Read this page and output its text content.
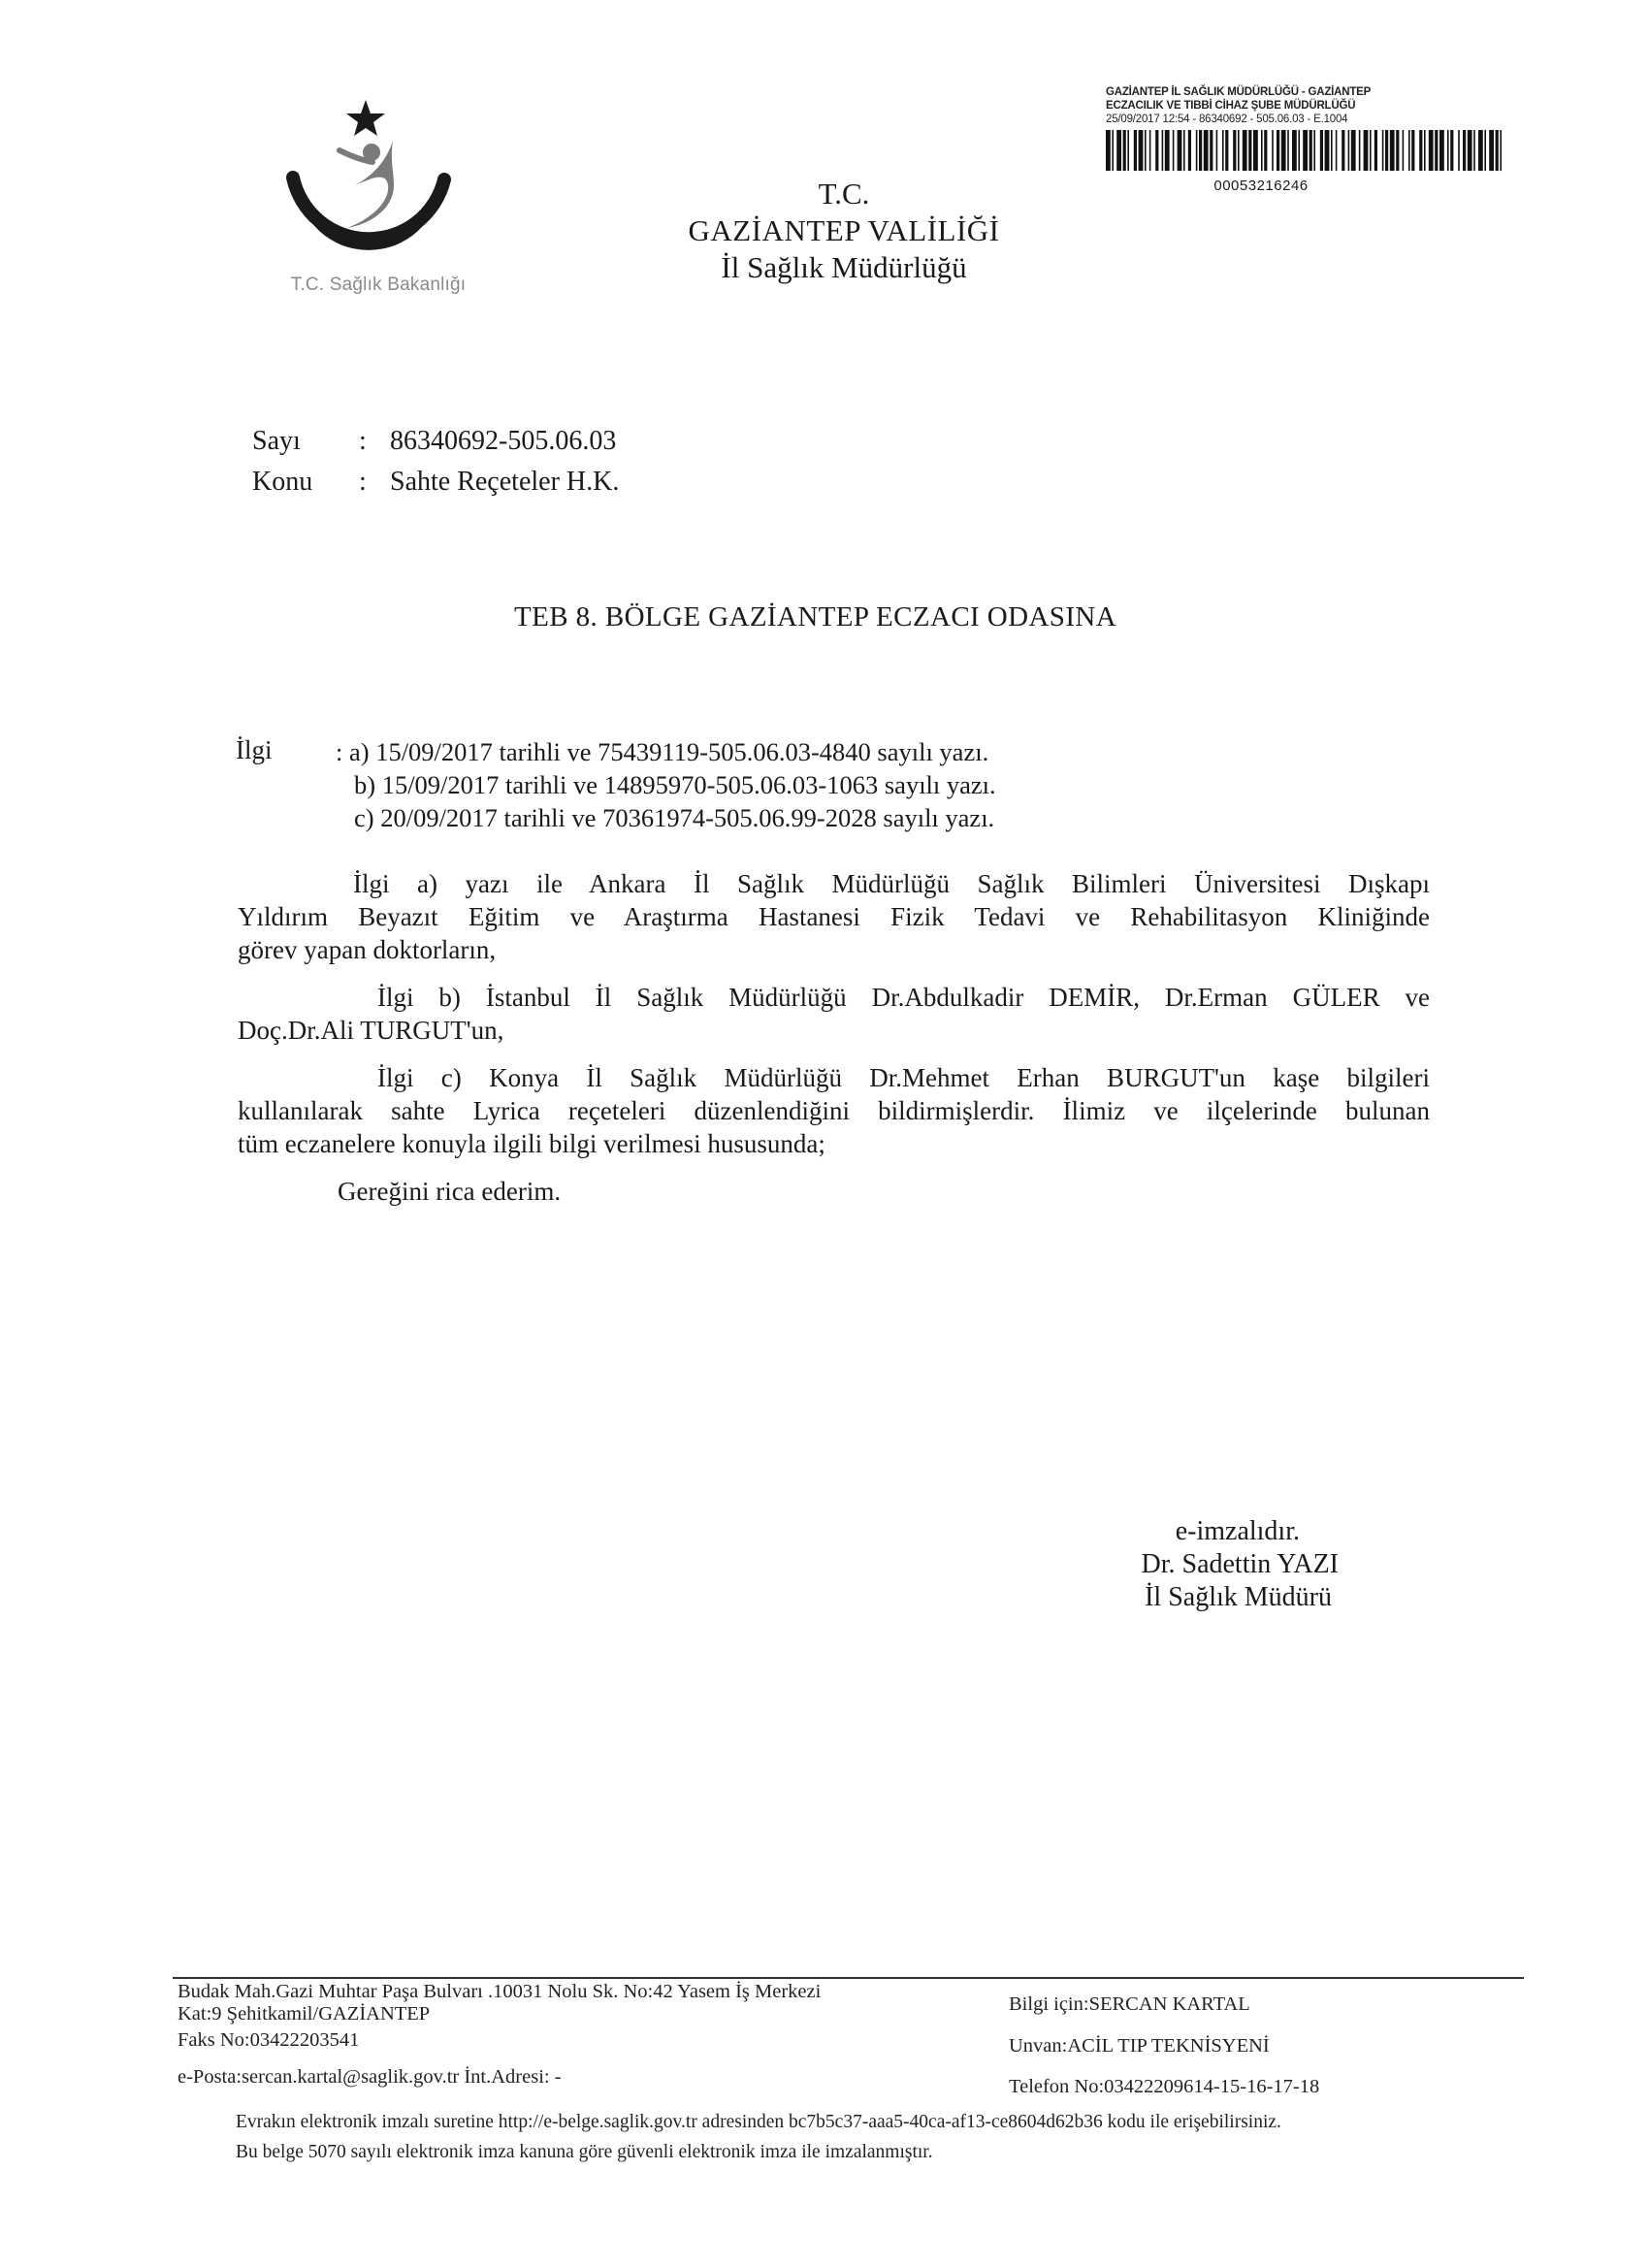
T.C. Sağlık Bakanlığı
T.C.
GAZİANTEP VALİLİĞİ
İl Sağlık Müdürlüğü
GAZİANTEP İL SAĞLIK MÜDÜRLÜĞÜ - GAZİANTEP
ECZACILIK VE TIBBİ CİHAZ ŞUBE MÜDÜRLÜĞÜ
25/09/2017 12:54 - 86340692 - 505.06.03 - E.1004
00053216246
Sayı	: 86340692-505.06.03
Konu	: Sahte Reçeteler H.K.
TEB 8. BÖLGE GAZİANTEP ECZACI ODASINA
İlgi : a) 15/09/2017 tarihli ve 75439119-505.06.03-4840 sayılı yazı.
b) 15/09/2017 tarihli ve 14895970-505.06.03-1063 sayılı yazı.
c) 20/09/2017 tarihli ve 70361974-505.06.99-2028 sayılı yazı.
İlgi a) yazı ile Ankara İl Sağlık Müdürlüğü Sağlık Bilimleri Üniversitesi Dışkapı
Yıldırım Beyazıt Eğitim ve Araştırma Hastanesi Fizik Tedavi ve Rehabilitasyon Kliniğinde
görev yapan doktorların,
İlgi b) İstanbul İl Sağlık Müdürlüğü Dr.Abdulkadir DEMİR, Dr.Erman GÜLER ve
Doç.Dr.Ali TURGUT'un,
İlgi c) Konya İl Sağlık Müdürlüğü Dr.Mehmet Erhan BURGUT'un kaşe bilgileri
kullanılarak sahte Lyrica reçeteleri düzenlendiğini bildirmişlerdir. İlimiz ve ilçelerinde bulunan
tüm eczanelere konuyla ilgili bilgi verilmesi hususunda;
Gereğini rica ederim.
e-imzalıdır.
Dr. Sadettin YAZI
İl Sağlık Müdürü
Budak Mah.Gazi Muhtar Paşa Bulvarı .10031 Nolu Sk. No:42 Yasem İş Merkezi
Kat:9 Şehitkamil/GAZİANTEP
Faks No:03422203541
e-Posta:sercan.kartal@saglik.gov.tr İnt.Adresi: -
Bilgi için:SERCAN KARTAL
Unvan:ACİL TIP TEKNİSYENİ
Telefon No:03422209614-15-16-17-18
Evrakın elektronik imzalı suretine http://e-belge.saglik.gov.tr adresinden bc7b5c37-aaa5-40ca-af13-ce8604d62b36 kodu ile erişebilirsiniz.
Bu belge 5070 sayılı elektronik imza kanuna göre güvenli elektronik imza ile imzalanmıştır.
